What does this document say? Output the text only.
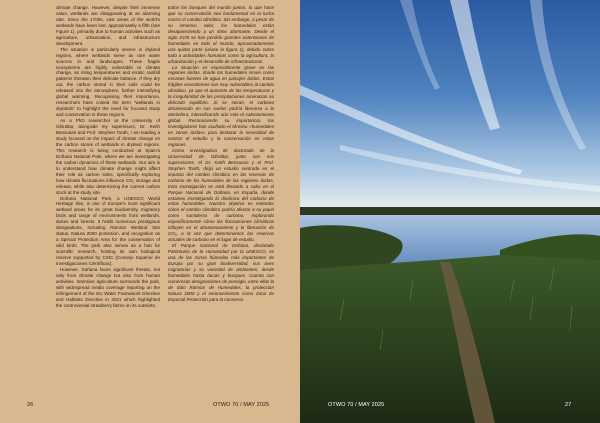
climate change. However, despite their immense value, wetlands are disappearing at an alarming rate. Since the 1700s, vast areas of the world's wetlands have been lost, approximately a fifth (see Figure 1), primarily due to human activities such as agriculture, urbanisation, and infrastructure development.

The situation is particularly severe in dryland regions, where wetlands serve as rare water sources in arid landscapes. These fragile ecosystems are highly vulnerable to climate change, as rising temperatures and erratic rainfall patterns threaten their delicate balance. If they dry out, the carbon stored in their soils could be released into the atmosphere, further intensifying global warming. Recognising their importance, researchers have coined the term "wetlands in drylands" to highlight the need for focused study and conservation in these regions.

As a PhD researcher at the University of Gibraltar, alongside my supervisors, Dr. Keith Bensusan and Prof. Stephen Touth, I am leading a study focused on the impact of climate change on the carbon stores of wetlands in dryland regions. This research is being conducted at Spain's Doñana National Park, where we are investigating the carbon dynamics of these wetlands. Our aim is to understand how climate change might affect their role as carbon sinks, specifically exploring how climate fluctuations influence CO₂ storage and release, while also determining the current carbon stock at the study site.

Doñana National Park, a UNESCO World Heritage Site, is one of Europe's most significant wetland areas for its great biodiversity, migratory birds and range of environments from wetlands, dunes and forests. It holds numerous prestigious designations, including Ramsar Wetland Site status, Natura 2000 protection, and recognition as a Special Protection Area for the conservation of wild birds. The park also serves as a hub for scientific research, hosting its own biological reserve supported by CSIC (Consejo Superior de Investigaciones Científicas).

However, Doñana faces significant threats, not only from climate change but also from human activities. Intensive agriculture surrounds the park, with widespread media coverage reporting on the infringement of the EU Water Framework Directive and Habitats Directive in 2021 which highlighted the controversial strawberry farms on its outskirts.

todos los bosques del mundo juntos, lo que hace que su conservación sea fundamental en la lucha contra el cambio climático. Sin embargo, a pesar de su inmenso valor, los humedales están desapareciendo a un ritmo alarmante. Desde el siglo XVIII se han perdido grandes extensiones de humedales en todo el mundo, aproximadamente una quinta parte (véase la figura 1), debido sobre todo a actividades humanas como la agricultura, la urbanización y el desarrollo de infraestructuras.

La situación es especialmente grave en las regiones áridas, donde los humedales sirven como escasas fuentes de agua en paisajes áridos. Estos frágiles ecosistemas son muy vulnerables al cambio climático, ya que el aumento de las temperaturas y la irregularidad de las precipitaciones amenazan su delicado equilibrio. Si se secan, el carbono almacenado en sus suelos podría liberarse a la atmósfera, intensificando aún más el calentamiento global. Reconociendo su importancia, los investigadores han acuñado el término «humedales en zonas áridas» para destacar la necesidad de centrar el estudio y la conservación en estas regiones.

Como investigadora de doctorado de la Universidad de Gibraltar, junto con mis supervisores, el Dr. Keith Bensusan y el Prof. Stephen Tooth, dirijo un estudio centrado en el impacto del cambio climático en las reservas de carbono de los humedales de las regiones áridas. Esta investigación se está llevando a cabo en el Parque Nacional de Doñana, en España, donde estamos investigando la dinámica del carbono de estos humedales. Nuestro objetivo es entender cómo el cambio climático podría afectar a su papel como sumideros de carbono, explorando específicamente cómo las fluctuaciones climáticas influyen en el almacenamiento y la liberación de CO₂, a la vez que determinamos las reservas actuales de carbono en el lugar de estudio.

El Parque Nacional de Doñana, declarado Patrimonio de la Humanidad por la UNESCO, es una de las zonas húmedas más importantes de Europa por su gran biodiversidad, sus aves migratorias y su variedad de ambientes, desde humedales hasta dunas y bosques. Cuenta con numerosas designaciones de prestigio, entre ellas la de Sitio Ramsar de Humedales, la protección Natura 2000 y el reconocimiento como Zona de Especial Protección para la conserva-

26	OTWO 70 / MAY 2025	OTWO 70 / MAY 2025	27
